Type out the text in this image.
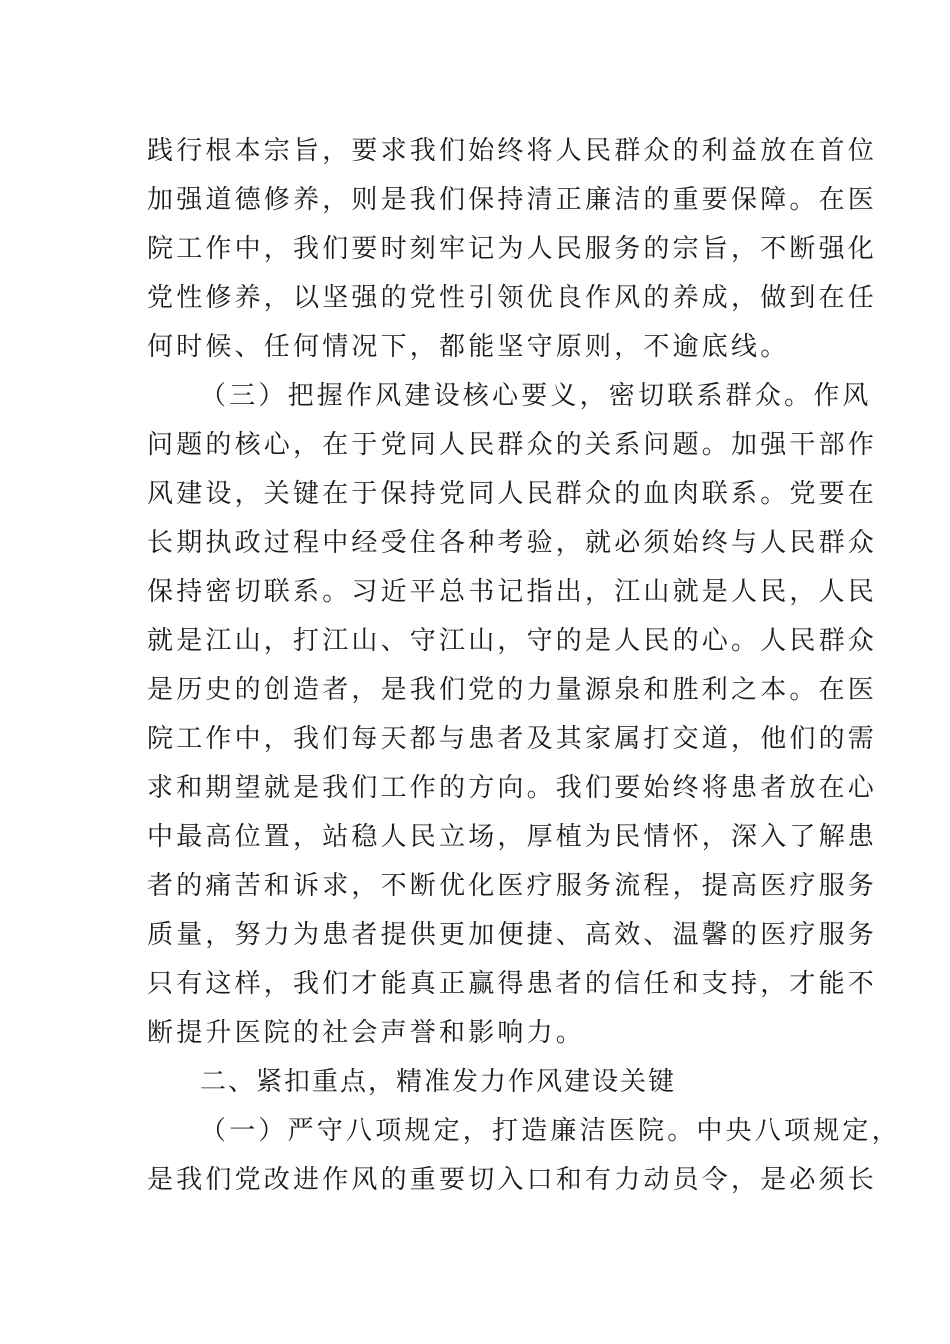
践行根本宗旨，要求我们始终将人民群众的利益放在首位
加强道德修养，则是我们保持清正廉洁的重要保障。在医
院工作中，我们要时刻牢记为人民服务的宗旨，不断强化
党性修养，以坚强的党性引领优良作风的养成，做到在任
何时候、任何情况下，都能坚守原则，不逾底线。
（三）把握作风建设核心要义，密切联系群众。作风
问题的核心，在于党同人民群众的关系问题。加强干部作
风建设，关键在于保持党同人民群众的血肉联系。党要在
长期执政过程中经受住各种考验，就必须始终与人民群众
保持密切联系。习近平总书记指出，江山就是人民，人民
就是江山，打江山、守江山，守的是人民的心。人民群众
是历史的创造者，是我们党的力量源泉和胜利之本。在医
院工作中，我们每天都与患者及其家属打交道，他们的需
求和期望就是我们工作的方向。我们要始终将患者放在心
中最高位置，站稳人民立场，厚植为民情怀，深入了解患
者的痛苦和诉求，不断优化医疗服务流程，提高医疗服务
质量，努力为患者提供更加便捷、高效、温馨的医疗服务
只有这样，我们才能真正赢得患者的信任和支持，才能不
断提升医院的社会声誉和影响力。
二、紧扣重点，精准发力作风建设关键
（一）严守八项规定，打造廉洁医院。中央八项规定，
是我们党改进作风的重要切入口和有力动员令，是必须长
